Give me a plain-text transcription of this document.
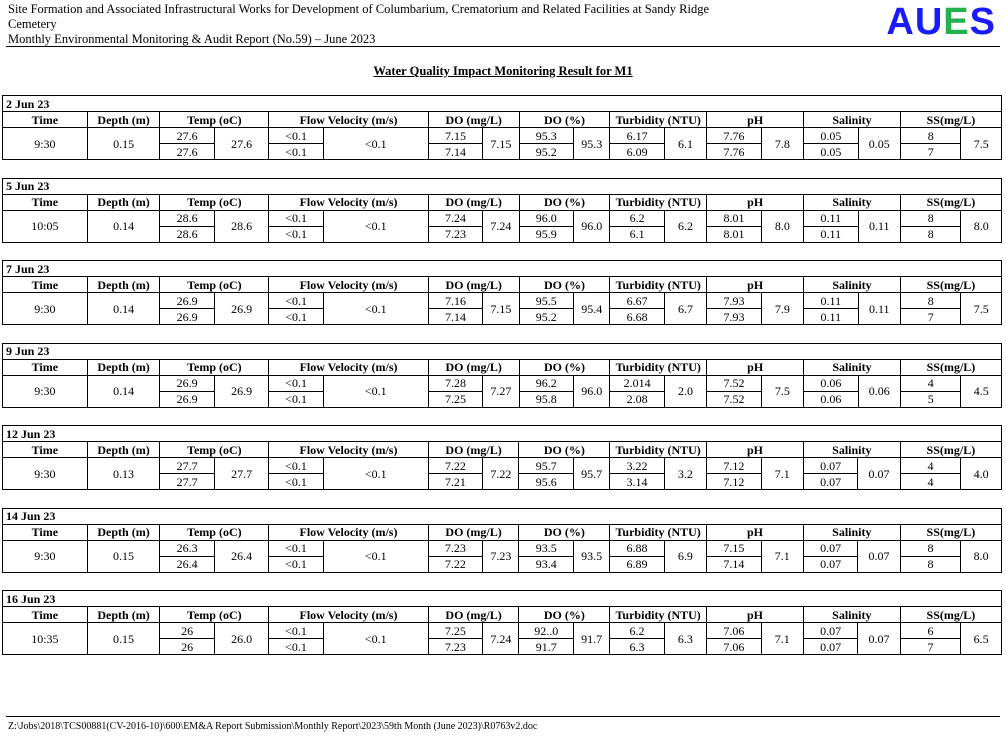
Site Formation and Associated Infrastructural Works for Development of Columbarium, Crematorium and Related Facilities at Sandy Ridge
Cemetery
Monthly Environmental Monitoring & Audit Report (No.59) – June 2023	AUES
Water Quality Impact Monitoring Result for M1
2 Jun 23																	
Time	Depth (m)	Temp (oC)		Flow Velocity (m/s)		DO (mg/L)		DO (%)		Turbidity (NTU)		pH		Salinity		SS(mg/L)	
9:30	0.15	27.6	27.6	<0.1	<0.1	7.15	7.15	95.3	95.3	6.17	6.1	7.76	7.8	0.05	0.05	8	7.5
		27.6		<0.1		7.14		95.2		6.09		7.76		0.05		7	
5 Jun 23																	
Time	Depth (m)	Temp (oC)		Flow Velocity (m/s)		DO (mg/L)		DO (%)		Turbidity (NTU)		pH		Salinity		SS(mg/L)	
10:05	0.14	28.6	28.6	<0.1	<0.1	7.24	7.24	96.0	96.0	6.2	6.2	8.01	8.0	0.11	0.11	8	8.0
		28.6		<0.1		7.23		95.9		6.1		8.01		0.11		8	
7 Jun 23																	
Time	Depth (m)	Temp (oC)		Flow Velocity (m/s)		DO (mg/L)		DO (%)		Turbidity (NTU)		pH		Salinity		SS(mg/L)	
9:30	0.14	26.9	26.9	<0.1	<0.1	7.16	7.15	95.5	95.4	6.67	6.7	7.93	7.9	0.11	0.11	8	7.5
		26.9		<0.1		7.14		95.2		6.68		7.93		0.11		7	
9 Jun 23																	
Time	Depth (m)	Temp (oC)		Flow Velocity (m/s)		DO (mg/L)		DO (%)		Turbidity (NTU)		pH		Salinity		SS(mg/L)	
9:30	0.14	26.9	26.9	<0.1	<0.1	7.28	7.27	96.2	96.0	2.014	2.0	7.52	7.5	0.06	0.06	4	4.5
		26.9		<0.1		7.25		95.8		2.08		7.52		0.06		5	
12 Jun 23																	
Time	Depth (m)	Temp (oC)		Flow Velocity (m/s)		DO (mg/L)		DO (%)		Turbidity (NTU)		pH		Salinity		SS(mg/L)	
9:30	0.13	27.7	27.7	<0.1	<0.1	7.22	7.22	95.7	95.7	3.22	3.2	7.12	7.1	0.07	0.07	4	4.0
		27.7		<0.1		7.21		95.6		3.14		7.12		0.07		4	
14 Jun 23																	
Time	Depth (m)	Temp (oC)		Flow Velocity (m/s)		DO (mg/L)		DO (%)		Turbidity (NTU)		pH		Salinity		SS(mg/L)	
9:30	0.15	26.3	26.4	<0.1	<0.1	7.23	7.23	93.5	93.5	6.88	6.9	7.15	7.1	0.07	0.07	8	8.0
		26.4		<0.1		7.22		93.4		6.89		7.14		0.07		8	
16 Jun 23																	
Time	Depth (m)	Temp (oC)		Flow Velocity (m/s)		DO (mg/L)		DO (%)		Turbidity (NTU)		pH		Salinity		SS(mg/L)	
10:35	0.15	26	26.0	<0.1	<0.1	7.25	7.24	92..0	91.7	6.2	6.3	7.06	7.1	0.07	0.07	6	6.5
		26		<0.1		7.23		91.7		6.3		7.06		0.07		7	
Z:\Jobs\2018\TCS00881(CV-2016-10)\600\EM&A Report Submission\Monthly Report\2023\59th Month (June 2023)\R0763v2.doc
